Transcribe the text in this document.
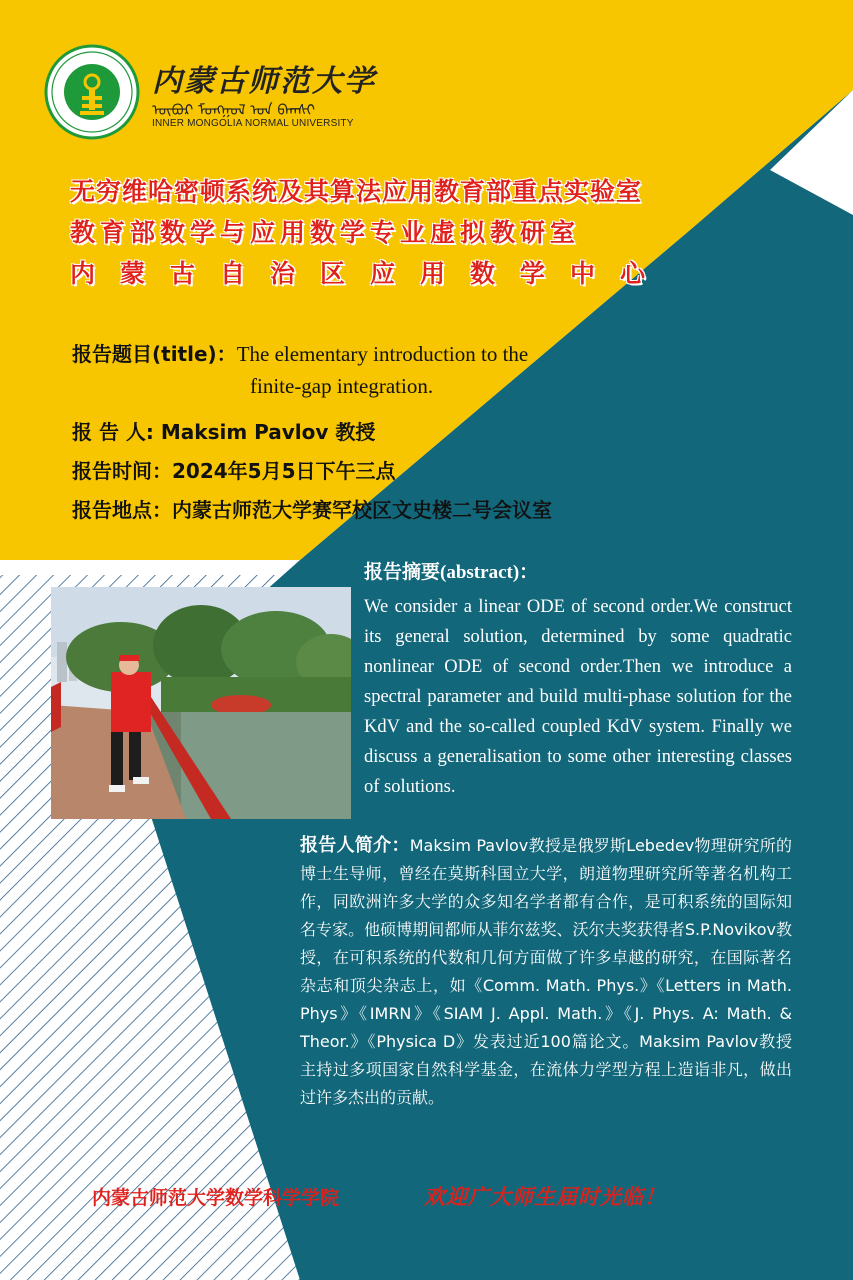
内蒙古师范大学
ᠦᠪᠦᠷ ᠮᠣᠩᠭᠣᠯ ᠤᠨ ᠪᠠᠭᠰᠢ
INNER MONGOLIA NORMAL UNIVERSITY
无穷维哈密顿系统及其算法应用教育部重点实验室
教育部数学与应用数学专业虚拟教研室
内蒙古自治区应用数学中心
报告题目(title)：The elementary introduction to the
finite-gap integration.
报 告 人: Maksim Pavlov 教授
报告时间：2024年5月5日下午三点
报告地点：内蒙古师范大学赛罕校区文史楼二号会议室
报告摘要(abstract)：
We consider a linear ODE of second order.We construct its general solution, determined by some quadratic nonlinear ODE of second order.Then we introduce a spectral parameter and build multi-phase solution for the KdV and the so-called coupled KdV system. Finally we discuss a generalisation to some other interesting classes of solutions.
报告人简介：Maksim Pavlov教授是俄罗斯Lebedev物理研究所的博士生导师，曾经在莫斯科国立大学，朗道物理研究所等著名机构工作，同欧洲许多大学的众多知名学者都有合作，是可积系统的国际知名专家。他硕博期间都师从菲尔兹奖、沃尔夫奖获得者S.P.Novikov教授，在可积系统的代数和几何方面做了许多卓越的研究，在国际著名杂志和顶尖杂志上，如《Comm. Math. Phys.》《Letters in Math. Phys》《IMRN》《SIAM J. Appl. Math.》《J. Phys. A: Math. & Theor.》《Physica D》发表过近100篇论文。Maksim Pavlov教授主持过多项国家自然科学基金，在流体力学型方程上造诣非凡，做出过许多杰出的贡献。
内蒙古师范大学数学科学学院	欢迎广大师生届时光临！
